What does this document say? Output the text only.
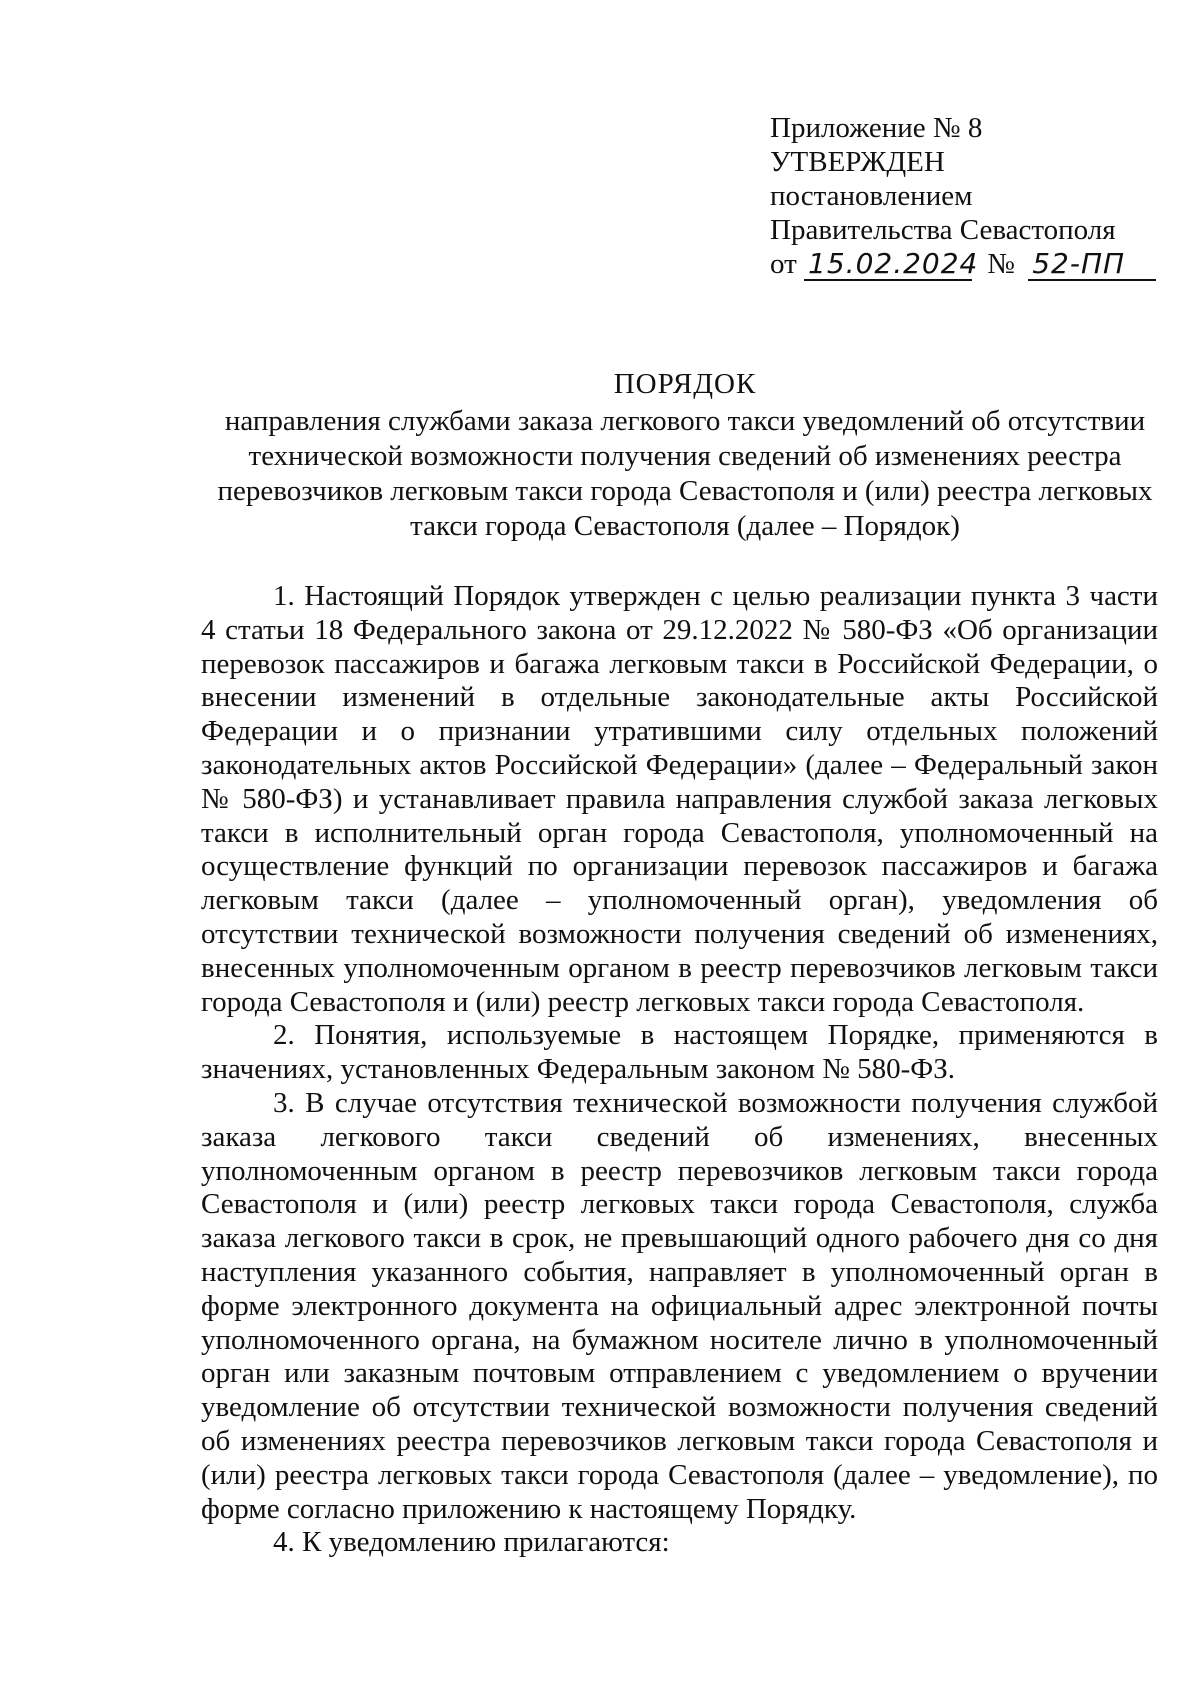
Приложение № 8
УТВЕРЖДЕН
постановлением
Правительства Севастополя
от 15.02.2024 № 52-ПП
ПОРЯДОК
направления службами заказа легкового такси уведомлений об отсутствии
технической возможности получения сведений об изменениях реестра
перевозчиков легковым такси города Севастополя и (или) реестра легковых
такси города Севастополя (далее – Порядок)

1. Настоящий Порядок утвержден с целью реализации пункта 3 части 4 статьи 18 Федерального закона от 29.12.2022 № 580-ФЗ «Об организации перевозок пассажиров и багажа легковым такси в Российской Федерации, о внесении изменений в отдельные законодательные акты Российской Федерации и о признании утратившими силу отдельных положений законодательных актов Российской Федерации» (далее – Федеральный закон № 580-ФЗ) и устанавливает правила направления службой заказа легковых такси в исполнительный орган города Севастополя, уполномоченный на осуществление функций по организации перевозок пассажиров и багажа легковым такси (далее – уполномоченный орган), уведомления об отсутствии технической возможности получения сведений об изменениях, внесенных уполномоченным органом в реестр перевозчиков легковым такси города Севастополя и (или) реестр легковых такси города Севастополя.

2. Понятия, используемые в настоящем Порядке, применяются в значениях, установленных Федеральным законом № 580-ФЗ.

3. В случае отсутствия технической возможности получения службой заказа легкового такси сведений об изменениях, внесенных уполномоченным органом в реестр перевозчиков легковым такси города Севастополя и (или) реестр легковых такси города Севастополя, служба заказа легкового такси в срок, не превышающий одного рабочего дня со дня наступления указанного события, направляет в уполномоченный орган в форме электронного документа на официальный адрес электронной почты уполномоченного органа, на бумажном носителе лично в уполномоченный орган или заказным почтовым отправлением с уведомлением о вручении уведомление об отсутствии технической возможности получения сведений об изменениях реестра перевозчиков легковым такси города Севастополя и (или) реестра легковых такси города Севастополя (далее – уведомление), по форме согласно приложению к настоящему Порядку.

4. К уведомлению прилагаются:
